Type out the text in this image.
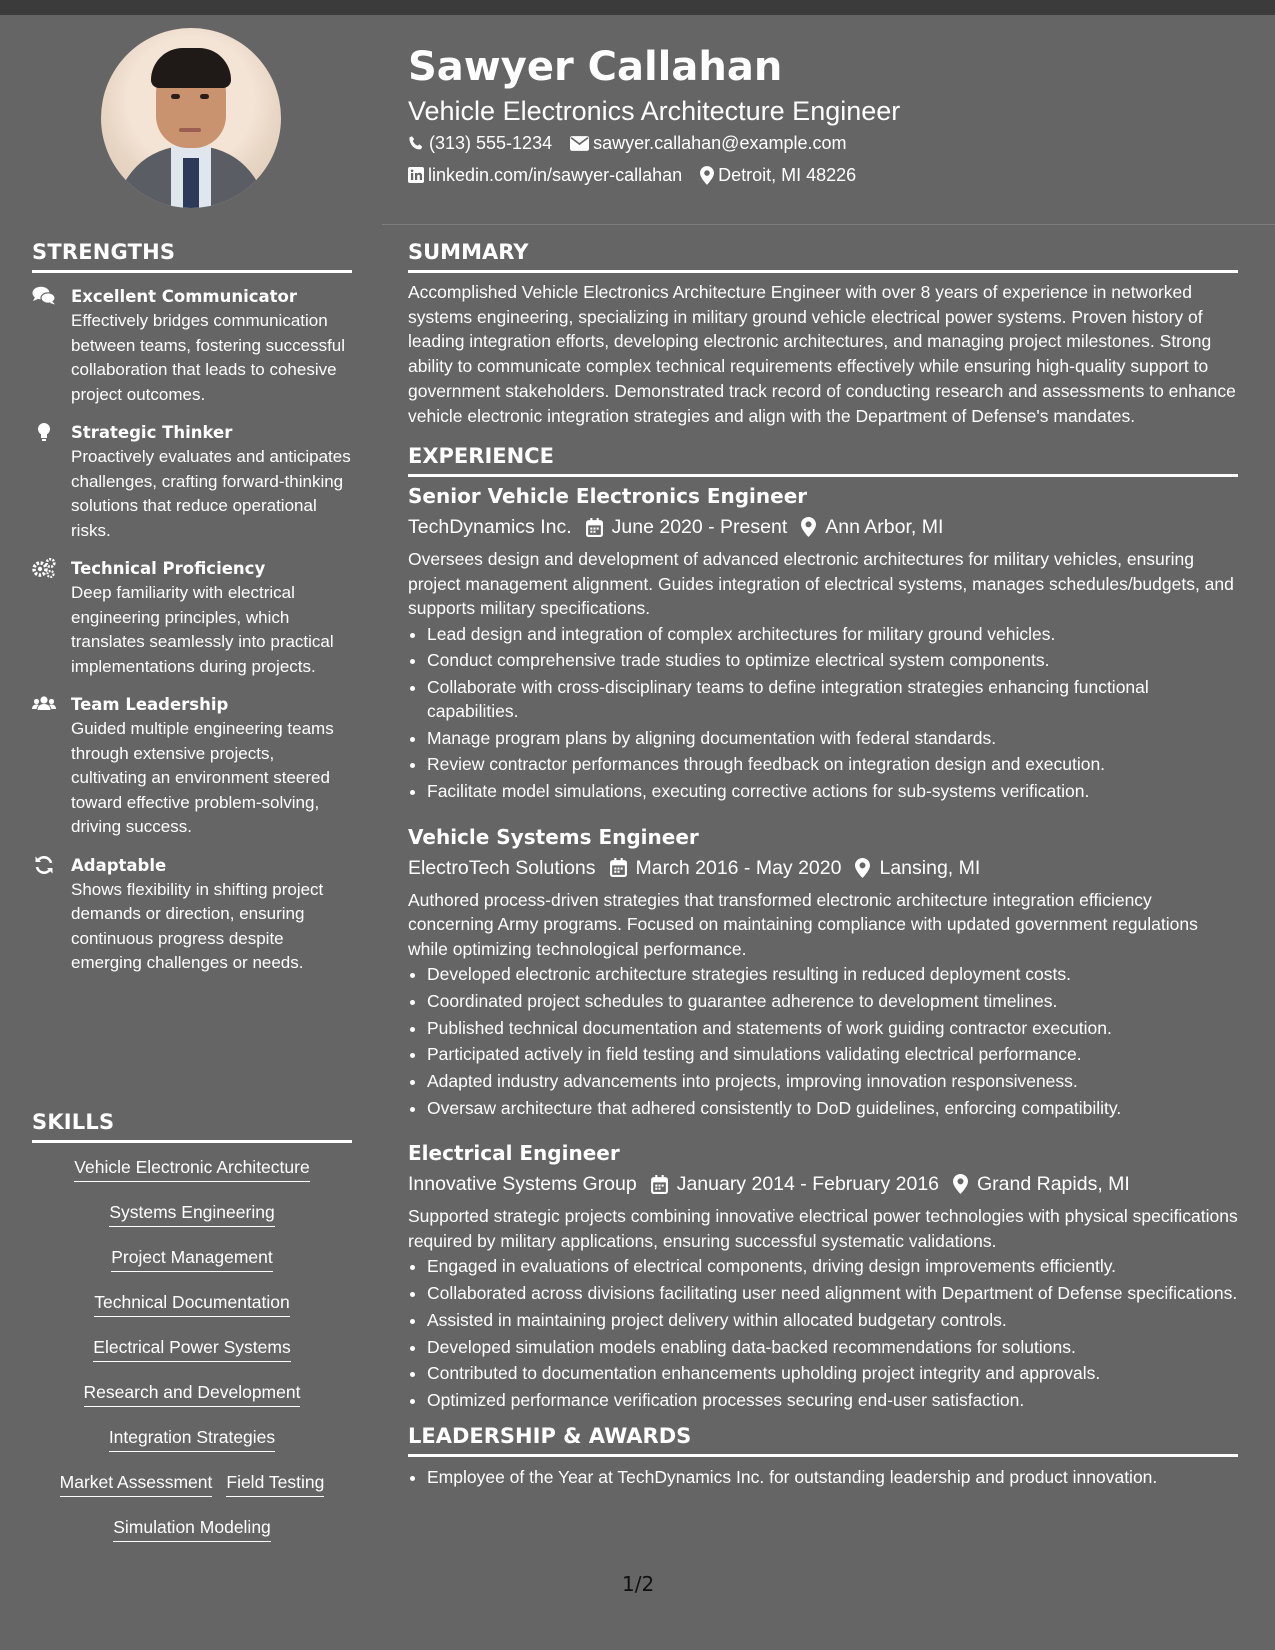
Sawyer Callahan
Vehicle Electronics Architecture Engineer
(313) 555-1234 sawyer.callahan@example.com
linkedin.com/in/sawyer-callahan Detroit, MI 48226
STRENGTHS
Excellent Communicator
Effectively bridges communication between teams, fostering successful collaboration that leads to cohesive project outcomes.
Strategic Thinker
Proactively evaluates and anticipates challenges, crafting forward-thinking solutions that reduce operational risks.
Technical Proficiency
Deep familiarity with electrical engineering principles, which translates seamlessly into practical implementations during projects.
Team Leadership
Guided multiple engineering teams through extensive projects, cultivating an environment steered toward effective problem-solving, driving success.
Adaptable
Shows flexibility in shifting project demands or direction, ensuring continuous progress despite emerging challenges or needs.
SKILLS
Vehicle Electronic Architecture
Systems Engineering
Project Management
Technical Documentation
Electrical Power Systems
Research and Development
Integration Strategies
Market Assessment Field Testing
Simulation Modeling
SUMMARY

Accomplished Vehicle Electronics Architecture Engineer with over 8 years of experience in networked systems engineering, specializing in military ground vehicle electrical power systems. Proven history of leading integration efforts, developing electronic architectures, and managing project milestones. Strong ability to communicate complex technical requirements effectively while ensuring high-quality support to government stakeholders. Demonstrated track record of conducting research and assessments to enhance vehicle electronic integration strategies and align with the Department of Defense's mandates.

EXPERIENCE
Senior Vehicle Electronics Engineer
TechDynamics Inc. June 2020 - Present Ann Arbor, MI
Oversees design and development of advanced electronic architectures for military vehicles, ensuring project management alignment. Guides integration of electrical systems, manages schedules/budgets, and supports military specifications.
• Lead design and integration of complex architectures for military ground vehicles.
• Conduct comprehensive trade studies to optimize electrical system components.
• Collaborate with cross-disciplinary teams to define integration strategies enhancing functional capabilities.
• Manage program plans by aligning documentation with federal standards.
• Review contractor performances through feedback on integration design and execution.
• Facilitate model simulations, executing corrective actions for sub-systems verification.
Vehicle Systems Engineer
ElectroTech Solutions March 2016 - May 2020 Lansing, MI
Authored process-driven strategies that transformed electronic architecture integration efficiency concerning Army programs. Focused on maintaining compliance with updated government regulations while optimizing technological performance.
• Developed electronic architecture strategies resulting in reduced deployment costs.
• Coordinated project schedules to guarantee adherence to development timelines.
• Published technical documentation and statements of work guiding contractor execution.
• Participated actively in field testing and simulations validating electrical performance.
• Adapted industry advancements into projects, improving innovation responsiveness.
• Oversaw architecture that adhered consistently to DoD guidelines, enforcing compatibility.
Electrical Engineer
Innovative Systems Group January 2014 - February 2016 Grand Rapids, MI
Supported strategic projects combining innovative electrical power technologies with physical specifications required by military applications, ensuring successful systematic validations.
• Engaged in evaluations of electrical components, driving design improvements efficiently.
• Collaborated across divisions facilitating user need alignment with Department of Defense specifications.
• Assisted in maintaining project delivery within allocated budgetary controls.
• Developed simulation models enabling data-backed recommendations for solutions.
• Contributed to documentation enhancements upholding project integrity and approvals.
• Optimized performance verification processes securing end-user satisfaction.
LEADERSHIP & AWARDS
• Employee of the Year at TechDynamics Inc. for outstanding leadership and product innovation.
1/2
